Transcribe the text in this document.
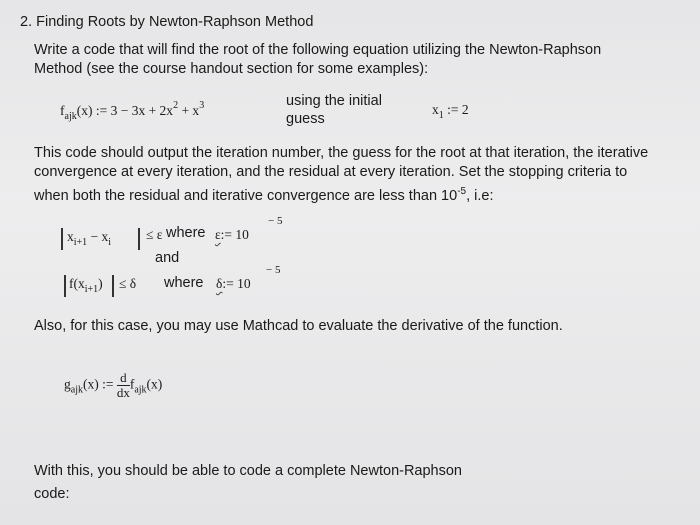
2. Finding Roots by Newton-Raphson Method
Write a code that will find the root of the following equation utilizing the Newton-Raphson
Method (see the course handout section for some examples):
$f_{ajk}(x)$ := $3 - 3x + 2x^2 + x^3$	using the initial
guess
$x_1$ := 2
This code should output the iteration number, the guess for the root at that iteration, the iterative
convergence at every iteration, and the residual at every iteration. Set the stopping criteria to
when both the residual and iterative convergence are less than $10^{-5}$, i.e:
$x_{i+1} - x_i$
≤ ε where ε:= 10
− 5
and
$f(x_{i+1}) \le \delta$ where δ:= 10
− 5
Also, for this case, you may use Mathcad to evaluate the derivative of the function.
$g_{ajk}(x)$ := $\frac{d}{dx} f_{ajk}(x)$
With this, you should be able to code a complete Newton-Raphson
code:
